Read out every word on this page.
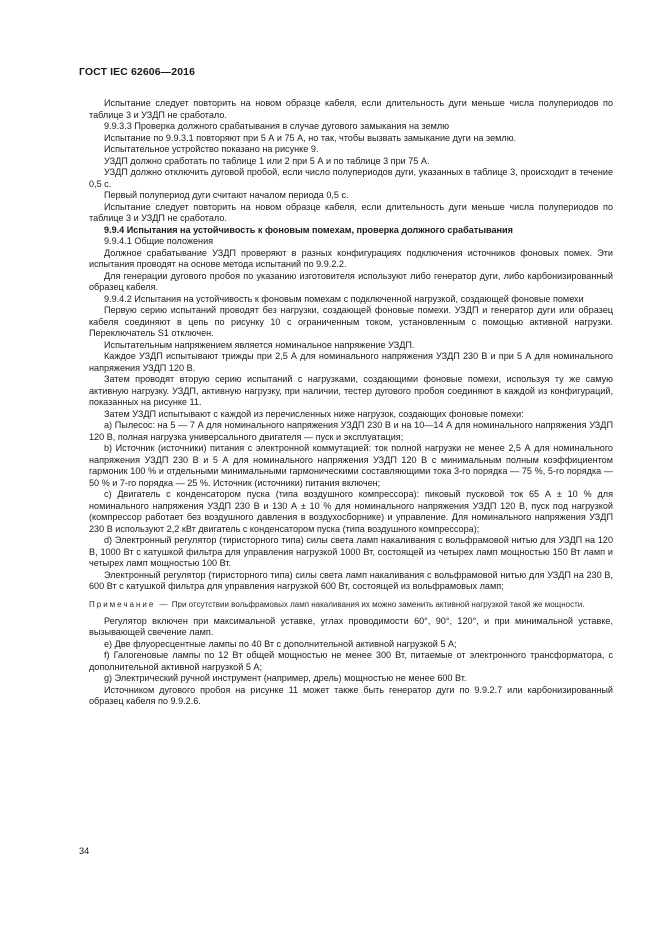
ГОСТ IEC 62606—2016

Испытание следует повторить на новом образце кабеля, если длительность дуги меньше числа полупериодов по таблице 3 и УЗДП не сработало.

9.9.3.3 Проверка должного срабатывания в случае дугового замыкания на землю

Испытание по 9.9.3.1 повторяют при 5 А и 75 А, но так, чтобы вызвать замыкание дуги на землю.

Испытательное устройство показано на рисунке 9.

УЗДП должно сработать по таблице 1 или 2 при 5 А и по таблице 3 при 75 А.

УЗДП должно отключить дуговой пробой, если число полупериодов дуги, указанных в таблице 3, происходит в течение 0,5 с.

Первый полупериод дуги считают началом периода 0,5 с.

Испытание следует повторить на новом образце кабеля, если длительность дуги меньше числа полупериодов по таблице 3 и УЗДП не сработало.

9.9.4 Испытания на устойчивость к фоновым помехам, проверка должного срабатывания

9.9.4.1 Общие положения

Должное срабатывание УЗДП проверяют в разных конфигурациях подключения источников фоновых помех. Эти испытания проводят на основе метода испытаний по 9.9.2.2.

Для генерации дугового пробоя по указанию изготовителя используют либо генератор дуги, либо карбонизированный образец кабеля.

9.9.4.2 Испытания на устойчивость к фоновым помехам с подключенной нагрузкой, создающей фоновые помехи

Первую серию испытаний проводят без нагрузки, создающей фоновые помехи. УЗДП и генератор дуги или образец кабеля соединяют в цепь по рисунку 10 с ограниченным током, установленным с помощью активной нагрузки. Переключатель S1 отключен.

Испытательным напряжением является номинальное напряжение УЗДП.

Каждое УЗДП испытывают трижды при 2,5 А для номинального напряжения УЗДП 230 В и при 5 А для номинального напряжения УЗДП 120 В.

Затем проводят вторую серию испытаний с нагрузками, создающими фоновые помехи, используя ту же самую активную нагрузку. УЗДП, активную нагрузку, при наличии, тестер дугового пробоя соединяют в каждой из конфигураций, показанных на рисунке 11.

Затем УЗДП испытывают с каждой из перечисленных ниже нагрузок, создающих фоновые помехи:

a) Пылесос: на 5 — 7 А для номинального напряжения УЗДП 230 В и на 10—14 А для номинального напряжения УЗДП 120 В, полная нагрузка универсального двигателя — пуск и эксплуатация;

b) Источник (источники) питания с электронной коммутацией: ток полной нагрузки не менее 2,5 А для номинального напряжения УЗДП 230 В и 5 А для номинального напряжения УЗДП 120 В с минимальным полным коэффициентом гармоник 100 % и отдельными минимальными гармоническими составляющими тока 3-го порядка — 75 %, 5-го порядка — 50 % и 7-го порядка — 25 %. Источник (источники) питания включен;

c) Двигатель с конденсатором пуска (типа воздушного компрессора): пиковый пусковой ток 65 А ± 10 % для номинального напряжения УЗДП 230 В и 130 А ± 10 % для номинального напряжения УЗДП 120 В, пуск под нагрузкой (компрессор работает без воздушного давления в воздухосборнике) и управление. Для номинального напряжения УЗДП 230 В используют 2,2 кВт двигатель с конденсатором пуска (типа воздушного компрессора);

d) Электронный регулятор (тиристорного типа) силы света ламп накаливания с вольфрамовой нитью для УЗДП на 120 В, 1000 Вт с катушкой фильтра для управления нагрузкой 1000 Вт, состоящей из четырех ламп мощностью 150 Вт ламп и четырех ламп мощностью 100 Вт.

Электронный регулятор (тиристорного типа) силы света ламп накаливания с вольфрамовой нитью для УЗДП на 230 В, 600 Вт с катушкой фильтра для управления нагрузкой 600 Вт, состоящей из вольфрамовых ламп;

Примечание — При отсутствии вольфрамовых ламп накаливания их можно заменить активной нагрузкой такой же мощности.

Регулятор включен при максимальной уставке, углах проводимости 60°, 90°, 120°, и при минимальной уставке, вызывающей свечение ламп.

e) Две флуоресцентные лампы по 40 Вт с дополнительной активной нагрузкой 5 А;

f) Галогеновые лампы по 12 Вт общей мощностью не менее 300 Вт, питаемые от электронного трансформатора, с дополнительной активной нагрузкой 5 А;

g) Электрический ручной инструмент (например, дрель) мощностью не менее 600 Вт.

Источником дугового пробоя на рисунке 11 может также быть генератор дуги по 9.9.2.7 или карбонизированный образец кабеля по 9.9.2.6.

34
